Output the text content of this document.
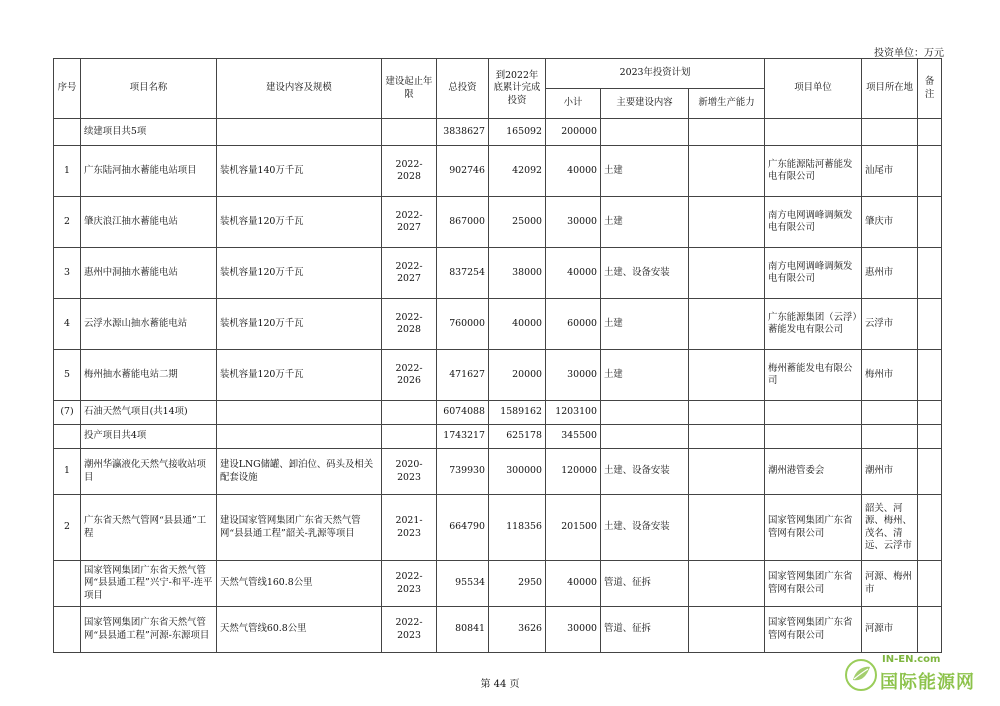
投资单位：万元
序号	项目名称	建设内容及规模	建设起止年限	总投资	到2022年底累计完成投资	2023年投资计划			项目单位	项目所在地	备注
						小计	主要建设内容	新增生产能力			
	续建项目共5项			3838627	165092	200000					
1	广东陆河抽水蓄能电站项目	装机容量140万千瓦	2022-2028	902746	42092	40000	土建		广东能源陆河蓄能发电有限公司	汕尾市	
2	肇庆浪江抽水蓄能电站	装机容量120万千瓦	2022-2027	867000	25000	30000	土建		南方电网调峰调频发电有限公司	肇庆市	
3	惠州中洞抽水蓄能电站	装机容量120万千瓦	2022-2027	837254	38000	40000	土建、设备安装		南方电网调峰调频发电有限公司	惠州市	
4	云浮水源山抽水蓄能电站	装机容量120万千瓦	2022-2028	760000	40000	60000	土建		广东能源集团（云浮）蓄能发电有限公司	云浮市	
5	梅州抽水蓄能电站二期	装机容量120万千瓦	2022-2026	471627	20000	30000	土建		梅州蓄能发电有限公司	梅州市	
(7)	石油天然气项目(共14项)			6074088	1589162	1203100					
	投产项目共4项			1743217	625178	345500					
1	潮州华瀛液化天然气接收站项目	建设LNG储罐、卸泊位、码头及相关配套设施	2020-2023	739930	300000	120000	土建、设备安装		潮州港管委会	潮州市	
2	广东省天然气管网“县县通”工程	建设国家管网集团广东省天然气管网“县县通工程”韶关-乳源等项目	2021-2023	664790	118356	201500	土建、设备安装		国家管网集团广东省管网有限公司	韶关、河源、梅州、茂名、清远、云浮市	
	国家管网集团广东省天然气管网“县县通工程”兴宁-和平-连平项目	天然气管线160.8公里	2022-2023	95534	2950	40000	管道、征拆		国家管网集团广东省管网有限公司	河源、梅州市	
	国家管网集团广东省天然气管网“县县通工程”河源-东源项目	天然气管线60.8公里	2022-2023	80841	3626	30000	管道、征拆		国家管网集团广东省管网有限公司	河源市	
第 44 页
IN-EN.com
国际能源网
